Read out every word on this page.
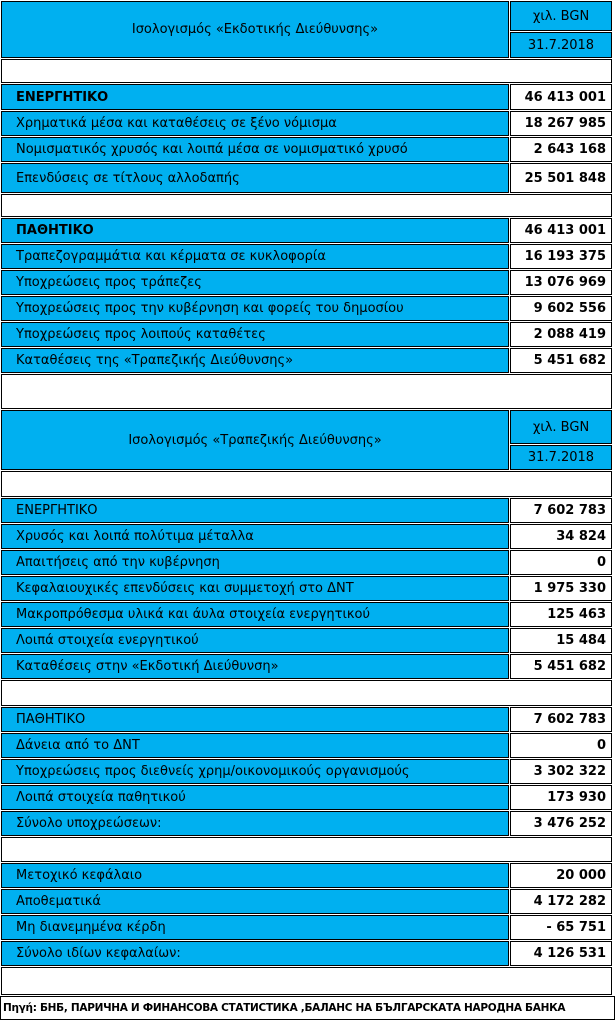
Ισολογισμός «Εκδοτικής Διεύθυνσης»
χιλ. BGN
31.7.2018
ΕΝΕΡΓΗΤΙΚΟ	46 413 001
Χρηματικά μέσα και καταθέσεις σε ξένο νόμισμα	18 267 985
Νομισματικός χρυσός και λοιπά μέσα σε νομισματικό χρυσό	2 643 168
Επενδύσεις σε τίτλους αλλοδαπής	25 501 848
ΠΑΘΗΤΙΚΟ	46 413 001
Τραπεζογραμμάτια και κέρματα σε κυκλοφορία	16 193 375
Υποχρεώσεις προς τράπεζες	13 076 969
Υποχρεώσεις προς την κυβέρνηση και φορείς του δημοσίου	9 602 556
Υποχρεώσεις προς λοιπούς καταθέτες	2 088 419
Καταθέσεις της «Τραπεζικής Διεύθυνσης»	5 451 682
Ισολογισμός «Τραπεζικής Διεύθυνσης»
χιλ. BGN
31.7.2018
ΕΝΕΡΓΗΤΙΚΟ	7 602 783
Χρυσός και λοιπά πολύτιμα μέταλλα	34 824
Απαιτήσεις από την κυβέρνηση	0
Κεφαλαιουχικές επενδύσεις και συμμετοχή στο ΔΝΤ	1 975 330
Μακροπρόθεσμα υλικά και άυλα στοιχεία ενεργητικού	125 463
Λοιπά στοιχεία ενεργητικού	15 484
Καταθέσεις στην «Εκδοτική Διεύθυνση»	5 451 682
ΠΑΘΗΤΙΚΟ	7 602 783
Δάνεια από το ΔΝΤ	0
Υποχρεώσεις προς διεθνείς χρημ/οικονομικούς οργανισμούς	3 302 322
Λοιπά στοιχεία παθητικού	173 930
Σύνολο υποχρεώσεων:	3 476 252
Μετοχικό κεφάλαιο	20 000
Αποθεματικά	4 172 282
Μη διανεμημένα κέρδη	- 65 751
Σύνολο ιδίων κεφαλαίων:	4 126 531
Πηγή: БНБ, ПАРИЧНА И ФИНАНСОВА СТАТИСТИКА ,БАЛАНС НА БЪЛГАРСКАТА НАРОДНА БАНКА
